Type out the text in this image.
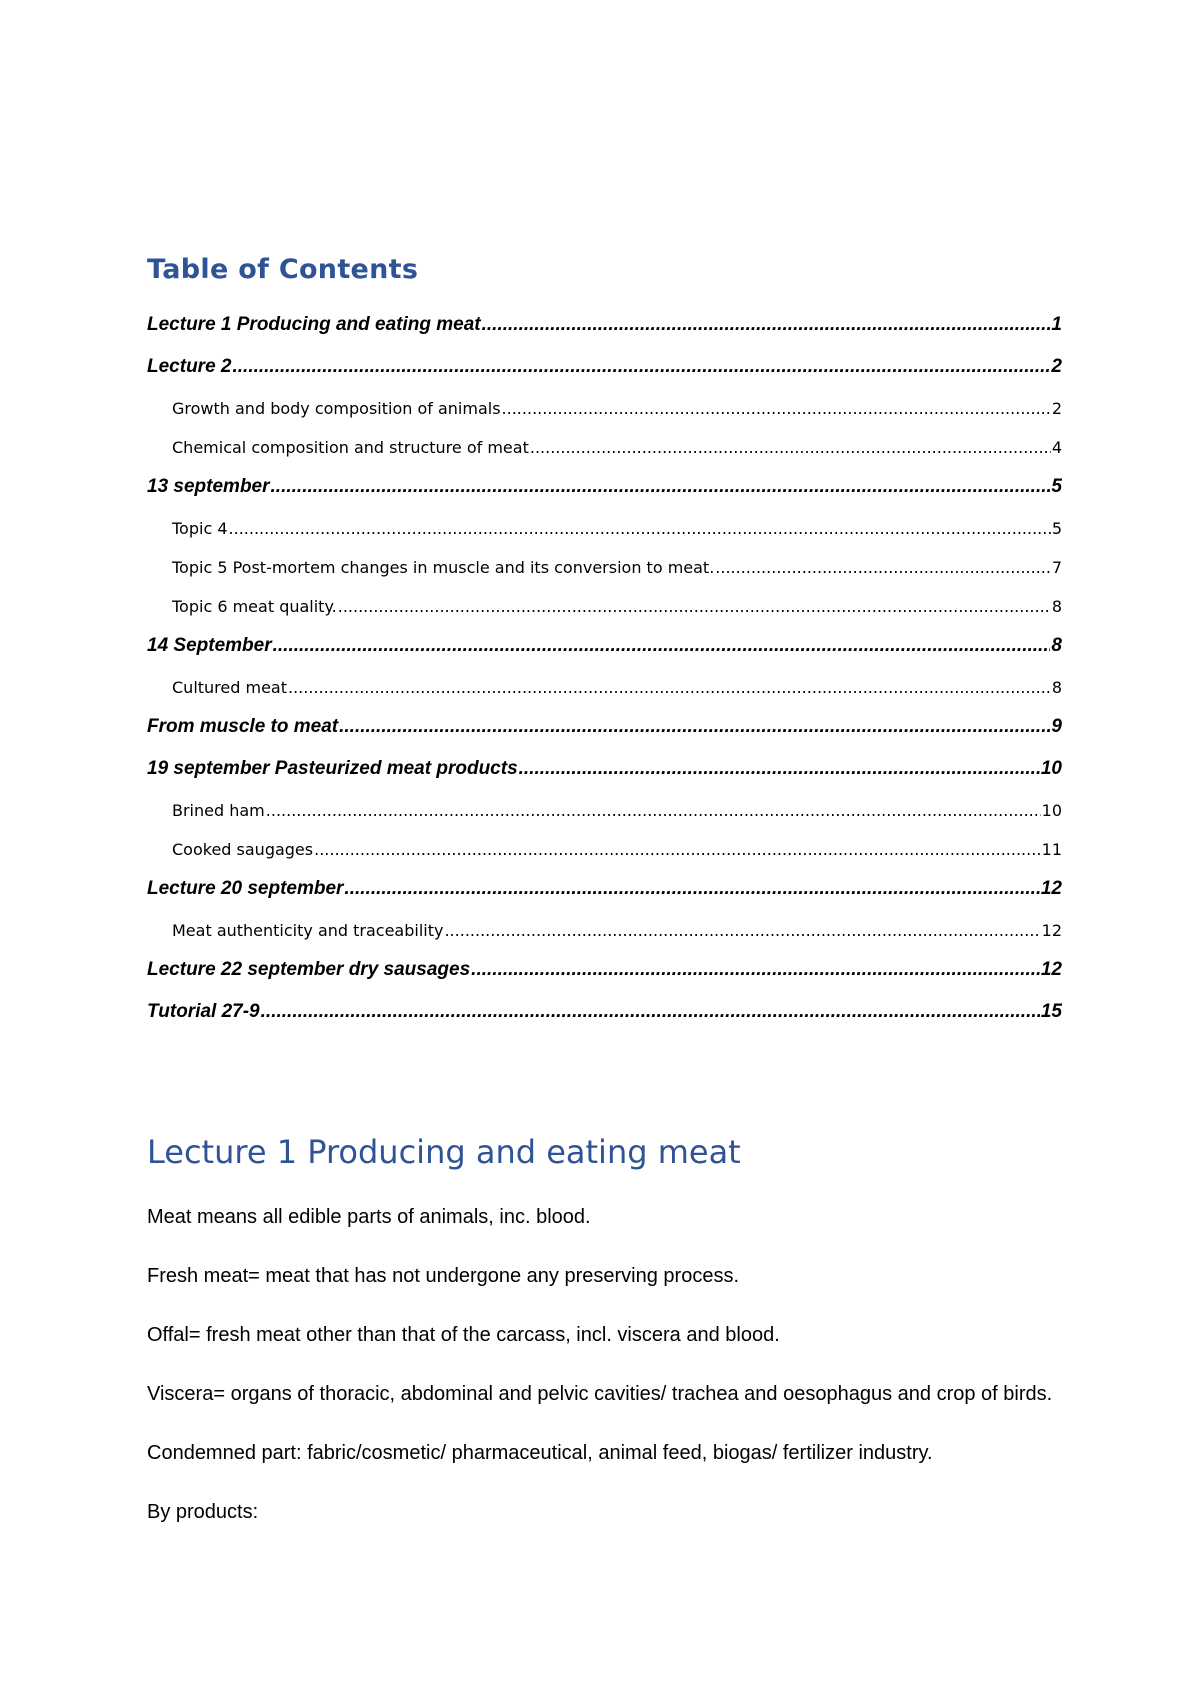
Table of Contents
Lecture 1 Producing and eating meat .....	1
Lecture 2 .....	2
Growth and body composition of animals .....	2
Chemical composition and structure of meat .....	4
13 september .....	5
Topic 4 .....	5
Topic 5 Post-mortem changes in muscle and its conversion to meat. .....	7
Topic 6 meat quality. .....	8
14 September .....	8
Cultured meat .....	8
From muscle to meat .....	9
19 september Pasteurized meat products .....	10
Brined ham .....	10
Cooked saugages .....	11
Lecture 20 september .....	12
Meat authenticity and traceability .....	12
Lecture 22 september dry sausages .....	12
Tutorial 27-9 .....	15
Lecture 1 Producing and eating meat

Meat means all edible parts of animals, inc. blood.

Fresh meat= meat that has not undergone any preserving process.

Offal= fresh meat other than that of the carcass, incl. viscera and blood.

Viscera= organs of thoracic, abdominal and pelvic cavities/ trachea and oesophagus and crop of birds.

Condemned part: fabric/cosmetic/ pharmaceutical, animal feed, biogas/ fertilizer industry.

By products:
